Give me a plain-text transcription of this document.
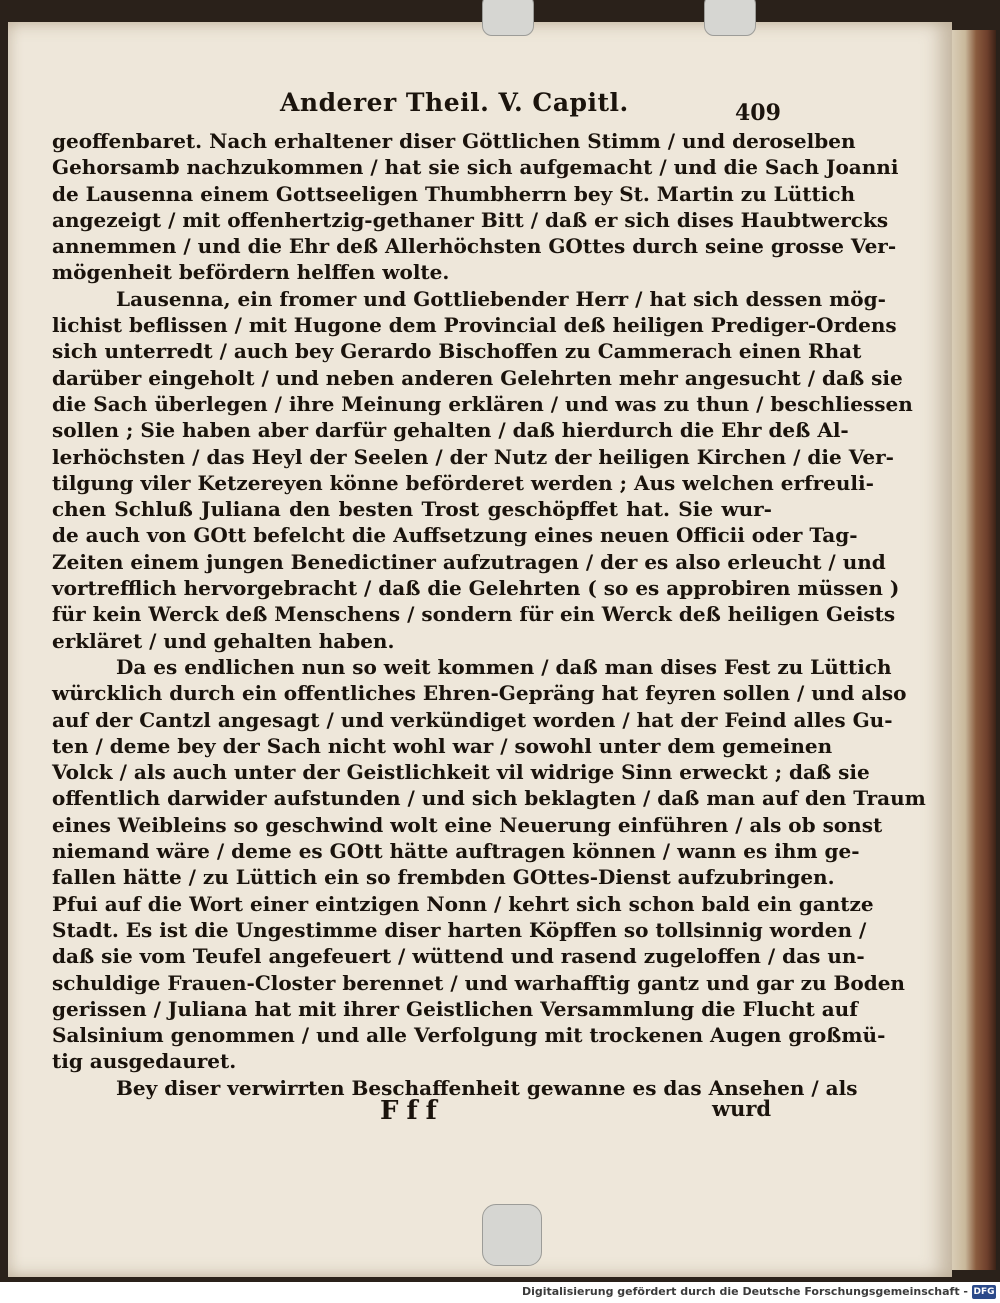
Anderer Theil. V. Capitl.	409
geoffenbaret. Nach erhaltener diser Göttlichen Stimm / und deroselben
Gehorsamb nachzukommen / hat sie sich aufgemacht / und die Sach Joanni
de Lausenna einem Gottseeligen Thumbherrn bey St. Martin zu Lüttich
angezeigt / mit offenhertzig-gethaner Bitt / daß er sich dises Haubtwercks
annemmen / und die Ehr deß Allerhöchsten GOttes durch seine grosse Ver-
mögenheit befördern helffen wolte.
Lausenna, ein fromer und Gottliebender Herr / hat sich dessen mög-
lichist beflissen / mit Hugone dem Provincial deß heiligen Prediger-Ordens
sich unterredt / auch bey Gerardo Bischoffen zu Cammerach einen Rhat
darüber eingeholt / und neben anderen Gelehrten mehr angesucht / daß sie
die Sach überlegen / ihre Meinung erklären / und was zu thun / beschliessen
sollen ; Sie haben aber darfür gehalten / daß hierdurch die Ehr deß Al-
lerhöchsten / das Heyl der Seelen / der Nutz der heiligen Kirchen / die Ver-
tilgung viler Ketzereyen könne beförderet werden ; Aus welchen erfreuli-
chen Schluß Juliana den besten Trost geschöpffet hat. Sie wur-
de auch von GOtt befelcht die Auffsetzung eines neuen Officii oder Tag-
Zeiten einem jungen Benedictiner aufzutragen / der es also erleucht / und
vortrefflich hervorgebracht / daß die Gelehrten ( so es approbiren müssen )
für kein Werck deß Menschens / sondern für ein Werck deß heiligen Geists
erkläret / und gehalten haben.
Da es endlichen nun so weit kommen / daß man dises Fest zu Lüttich
würcklich durch ein offentliches Ehren-Gepräng hat feyren sollen / und also
auf der Cantzl angesagt / und verkündiget worden / hat der Feind alles Gu-
ten / deme bey der Sach nicht wohl war / sowohl unter dem gemeinen
Volck / als auch unter der Geistlichkeit vil widrige Sinn erweckt ; daß sie
offentlich darwider aufstunden / und sich beklagten / daß man auf den Traum
eines Weibleins so geschwind wolt eine Neuerung einführen / als ob sonst
niemand wäre / deme es GOtt hätte auftragen können / wann es ihm ge-
fallen hätte / zu Lüttich ein so frembden GOttes-Dienst aufzubringen.
Pfui auf die Wort einer eintzigen Nonn / kehrt sich schon bald ein gantze
Stadt. Es ist die Ungestimme diser harten Köpffen so tollsinnig worden /
daß sie vom Teufel angefeuert / wüttend und rasend zugeloffen / das un-
schuldige Frauen-Closter berennet / und warhafftig gantz und gar zu Boden
gerissen / Juliana hat mit ihrer Geistlichen Versammlung die Flucht auf
Salsinium genommen / und alle Verfolgung mit trockenen Augen großmü-
tig ausgedauret.
Bey diser verwirrten Beschaffenheit gewanne es das Ansehen / als
Fff	wurd
Digitalisierung gefördert durch die Deutsche Forschungsgemeinschaft - DFG
